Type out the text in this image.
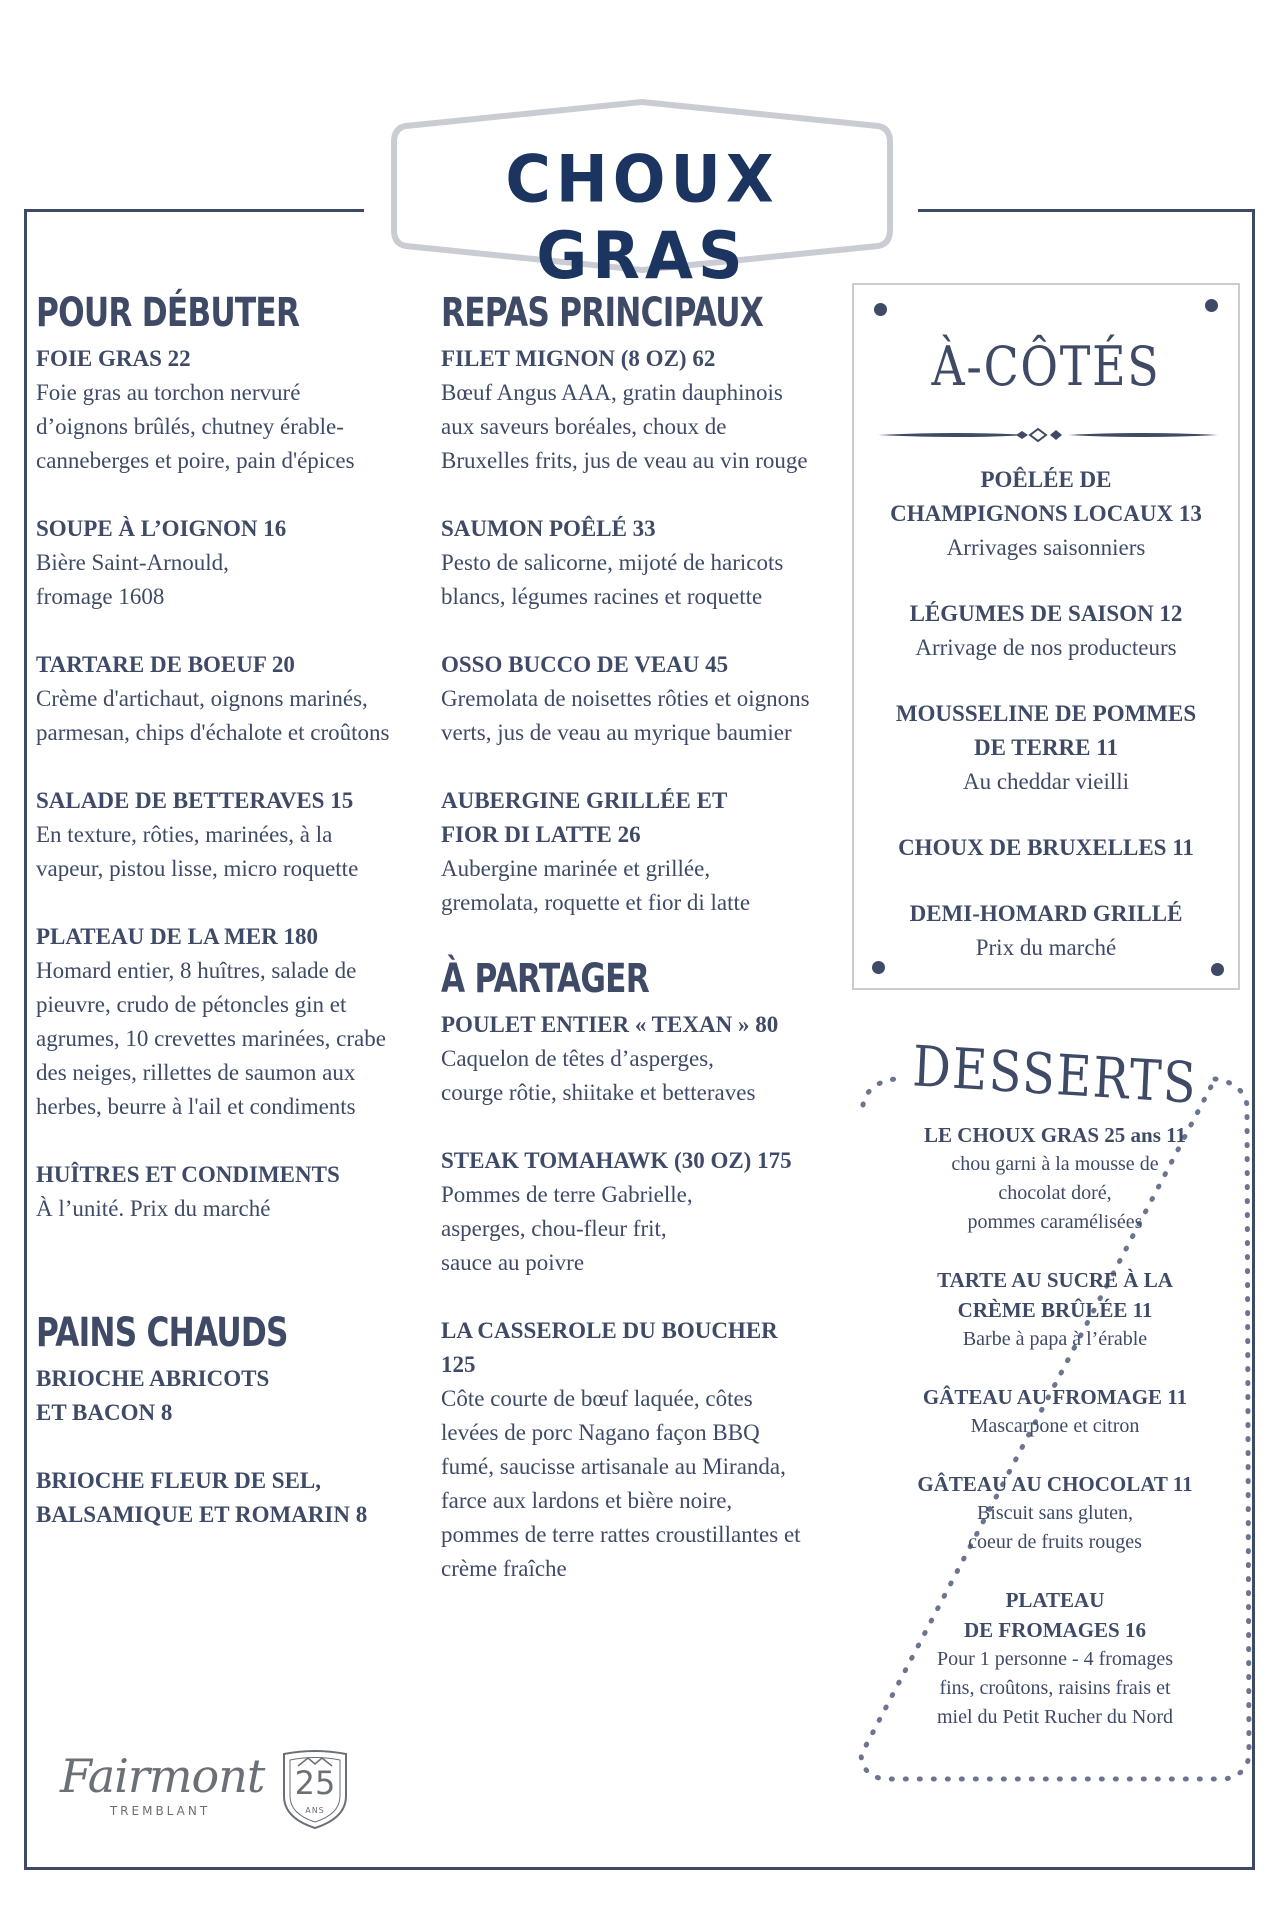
CHOUX GRAS
POUR DÉBUTER
FOIE GRAS 22
Foie gras au torchon nervuré
d’oignons brûlés, chutney érable-
canneberges et poire, pain d'épices
SOUPE À L’OIGNON 16
Bière Saint-Arnould,
fromage 1608
TARTARE DE BOEUF 20
Crème d'artichaut, oignons marinés,
parmesan, chips d'échalote et croûtons
SALADE DE BETTERAVES 15
En texture, rôties, marinées, à la
vapeur, pistou lisse, micro roquette
PLATEAU DE LA MER 180
Homard entier, 8 huîtres, salade de
pieuvre, crudo de pétoncles gin et
agrumes, 10 crevettes marinées, crabe
des neiges, rillettes de saumon aux
herbes, beurre à l'ail et condiments
HUÎTRES ET CONDIMENTS
À l’unité. Prix du marché
PAINS CHAUDS
BRIOCHE ABRICOTS
ET BACON 8
BRIOCHE FLEUR DE SEL,
BALSAMIQUE ET ROMARIN 8
REPAS PRINCIPAUX
FILET MIGNON (8 OZ) 62
Bœuf Angus AAA, gratin dauphinois
aux saveurs boréales, choux de
Bruxelles frits, jus de veau au vin rouge
SAUMON POÊLÉ 33
Pesto de salicorne, mijoté de haricots
blancs, légumes racines et roquette
OSSO BUCCO DE VEAU 45
Gremolata de noisettes rôties et oignons
verts, jus de veau au myrique baumier
AUBERGINE GRILLÉE ET
FIOR DI LATTE 26
Aubergine marinée et grillée,
gremolata, roquette et fior di latte
À PARTAGER
POULET ENTIER « TEXAN » 80
Caquelon de têtes d’asperges,
courge rôtie, shiitake et betteraves
STEAK TOMAHAWK (30 OZ) 175
Pommes de terre Gabrielle,
asperges, chou-fleur frit,
sauce au poivre
LA CASSEROLE DU BOUCHER
125
Côte courte de bœuf laquée, côtes
levées de porc Nagano façon BBQ
fumé, saucisse artisanale au Miranda,
farce aux lardons et bière noire,
pommes de terre rattes croustillantes et
crème fraîche
À-CÔTÉS
POÊLÉE DE
CHAMPIGNONS LOCAUX 13
Arrivages saisonniers
LÉGUMES DE SAISON 12
Arrivage de nos producteurs
MOUSSELINE DE POMMES
DE TERRE 11
Au cheddar vieilli
CHOUX DE BRUXELLES 11
DEMI-HOMARD GRILLÉ
Prix du marché
DESSERTS
LE CHOUX GRAS 25 ans 11
chou garni à la mousse de
chocolat doré,
pommes caramélisées
TARTE AU SUCRE À LA
CRÈME BRÛLÉE 11
Barbe à papa à l’érable
GÂTEAU AU FROMAGE 11
Mascarpone et citron
GÂTEAU AU CHOCOLAT 11
Biscuit sans gluten,
coeur de fruits rouges
PLATEAU
DE FROMAGES 16
Pour 1 personne - 4 fromages
fins, croûtons, raisins frais et
miel du Petit Rucher du Nord
Fairmont
TREMBLANT
25
ANS
